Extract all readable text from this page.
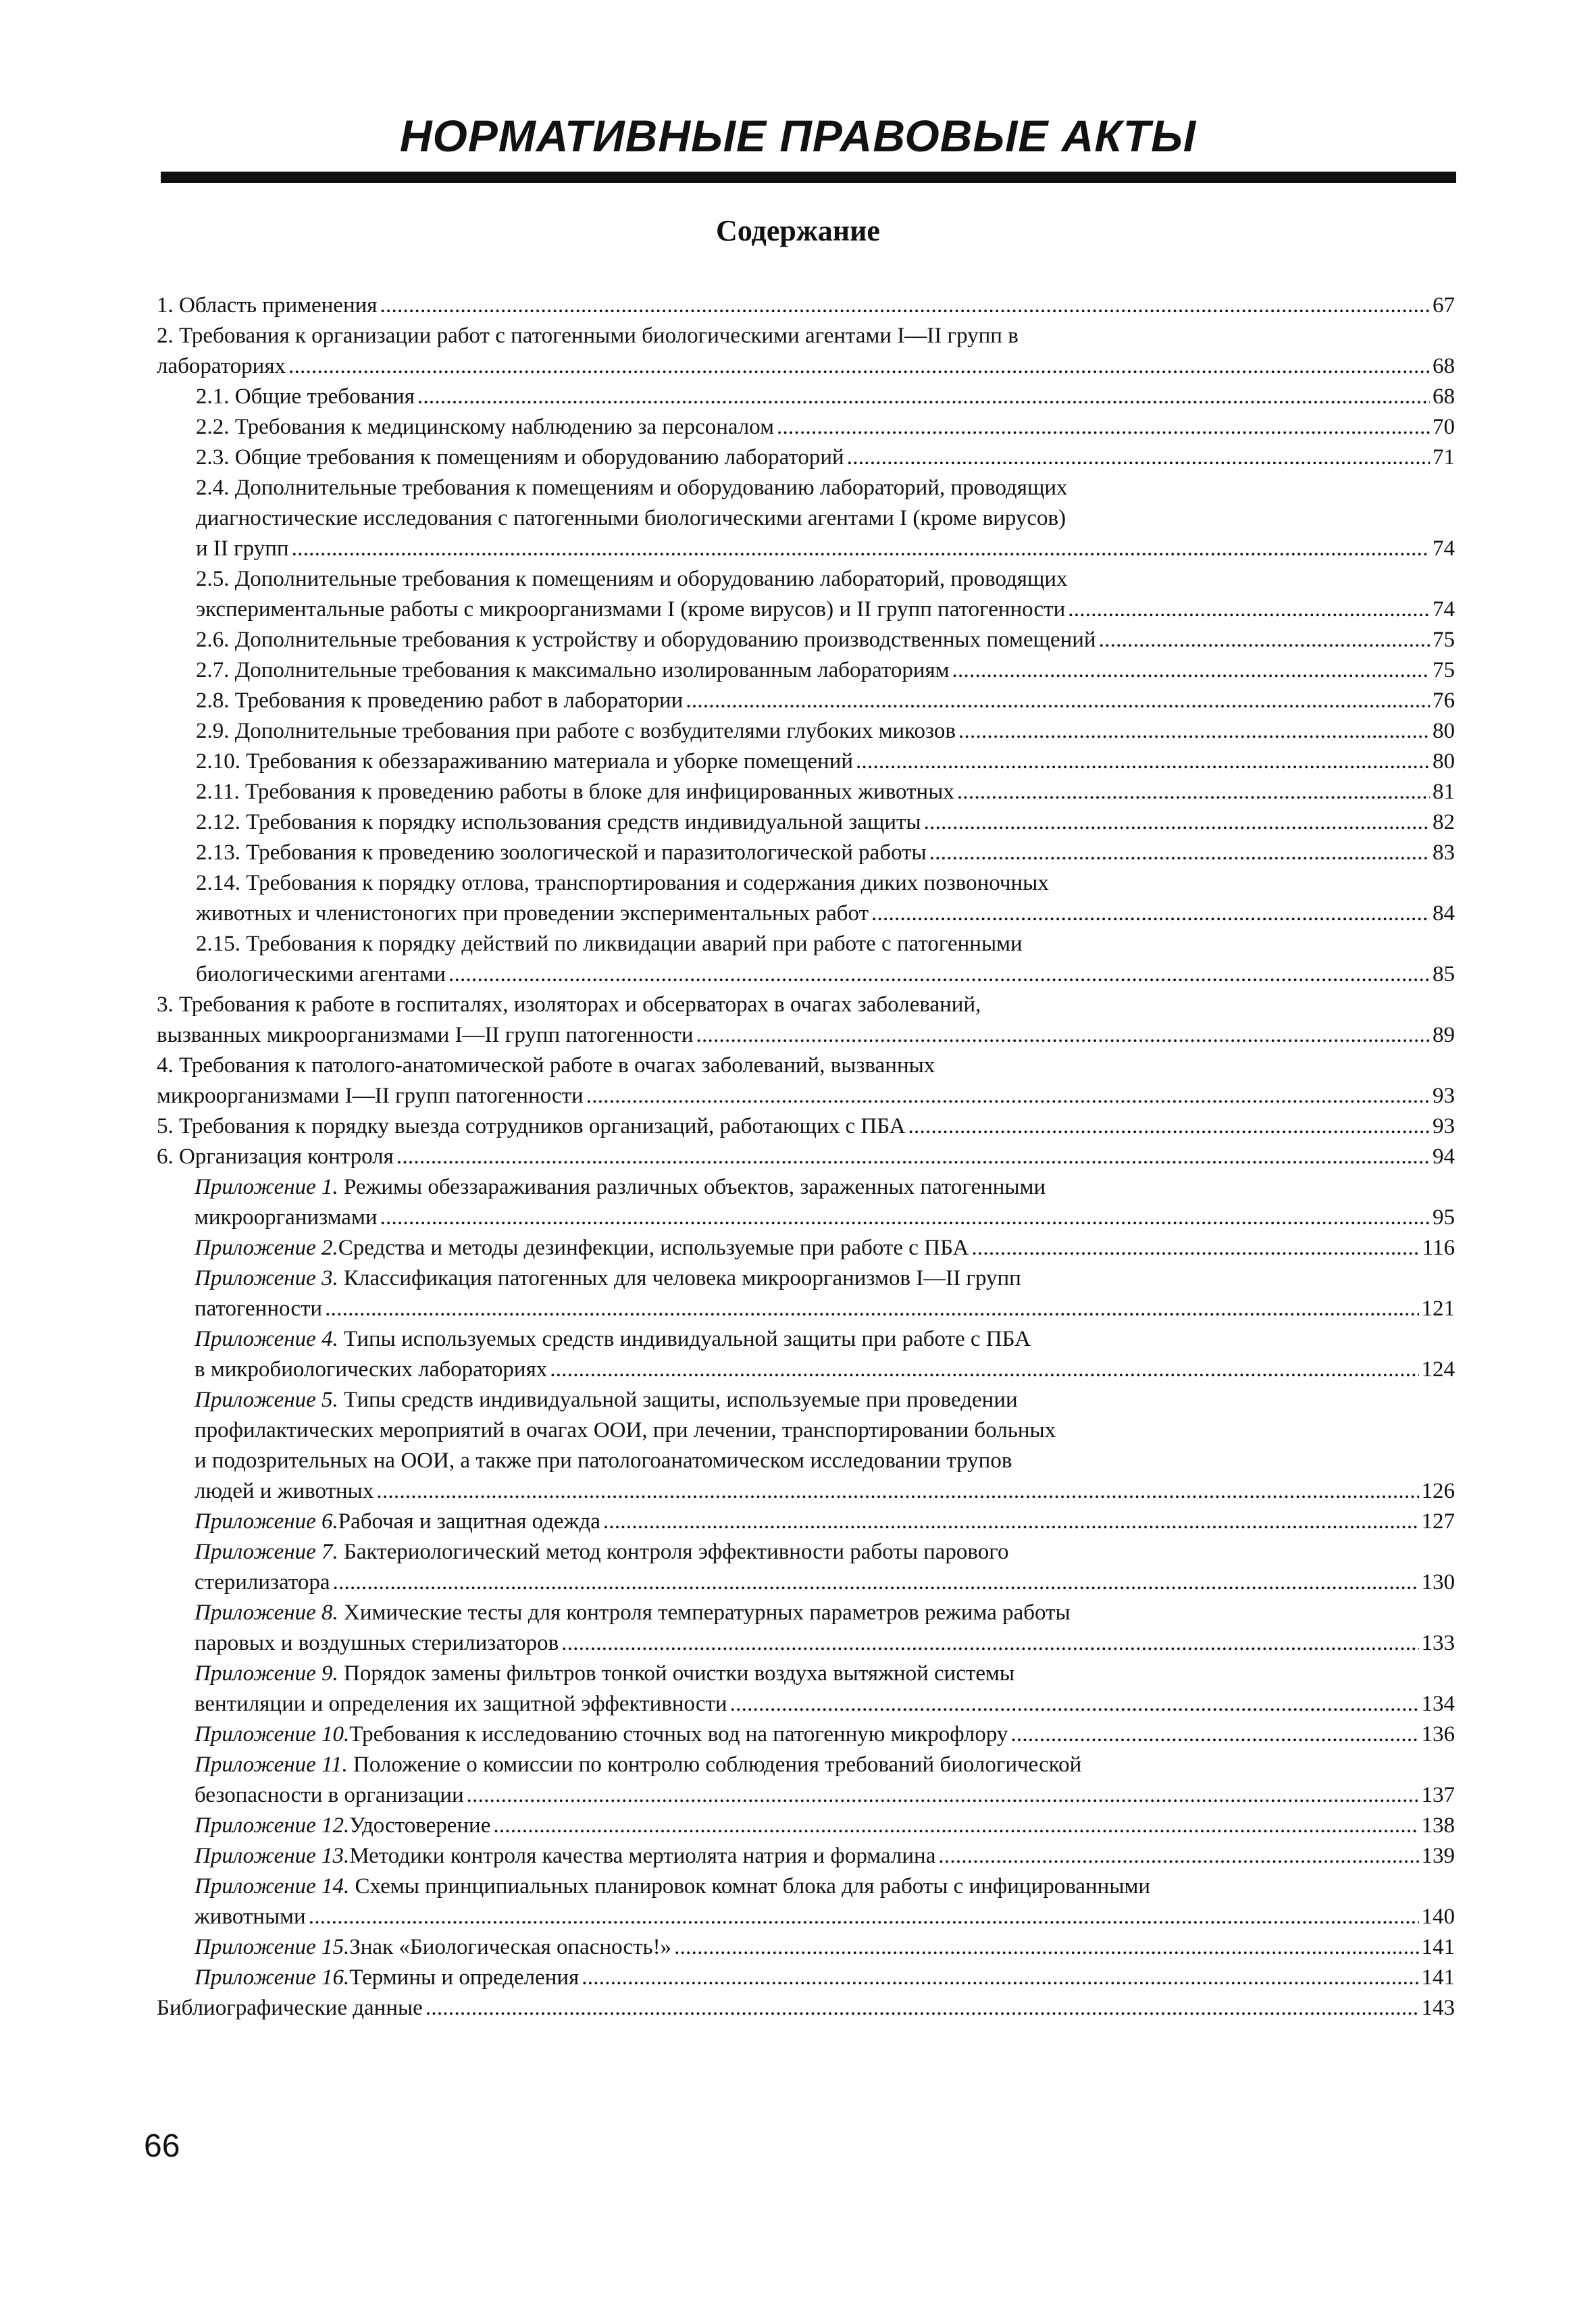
НОРМАТИВНЫЕ ПРАВОВЫЕ АКТЫ
Содержание
1. Область применения . . .	67
2. Требования к организации работ с патогенными биологическими агентами I—II групп в
лабораториях . . .	68
2.1. Общие требования . . .	68
2.2. Требования к медицинскому наблюдению за персоналом . . .	70
2.3. Общие требования к помещениям и оборудованию лабораторий . . .	71
2.4. Дополнительные требования к помещениям и оборудованию лабораторий, проводящих
диагностические исследования с патогенными биологическими агентами I (кроме вирусов)
и II групп . . .	74
2.5. Дополнительные требования к помещениям и оборудованию лабораторий, проводящих
экспериментальные работы с микроорганизмами I (кроме вирусов) и II групп патогенности . . .	74
2.6. Дополнительные требования к устройству и оборудованию производственных помещений . . .	75
2.7. Дополнительные требования к максимально изолированным лабораториям . . .	75
2.8. Требования к проведению работ в лаборатории . . .	76
2.9. Дополнительные требования при работе с возбудителями глубоких микозов . . .	80
2.10. Требования к обеззараживанию материала и уборке помещений . . .	80
2.11. Требования к проведению работы в блоке для инфицированных животных . . .	81
2.12. Требования к порядку использования средств индивидуальной защиты . . .	82
2.13. Требования к проведению зоологической и паразитологической работы . . .	83
2.14. Требования к порядку отлова, транспортирования и содержания диких позвоночных
животных и членистоногих при проведении экспериментальных работ . . .	84
2.15. Требования к порядку действий по ликвидации аварий при работе с патогенными
биологическими агентами . . .	85
3. Требования к работе в госпиталях, изоляторах и обсерваторах в очагах заболеваний,
вызванных микроорганизмами I—II групп патогенности . . .	89
4. Требования к патолого-анатомической работе в очагах заболеваний, вызванных
микроорганизмами I—II групп патогенности . . .	93
5. Требования к порядку выезда сотрудников организаций, работающих с ПБА . . .	93
6. Организация контроля . . .	94
Приложение 1. Режимы обеззараживания различных объектов, зараженных патогенными
микроорганизмами . . .	95
Приложение 2. Средства и методы дезинфекции, используемые при работе с ПБА . . .	116
Приложение 3. Классификация патогенных для человека микроорганизмов I—II групп
патогенности . . .	121
Приложение 4. Типы используемых средств индивидуальной защиты при работе с ПБА
в микробиологических лабораториях . . .	124
Приложение 5. Типы средств индивидуальной защиты, используемые при проведении
профилактических мероприятий в очагах ООИ, при лечении, транспортировании больных
и подозрительных на ООИ, а также при патологоанатомическом исследовании трупов
людей и животных . . .	126
Приложение 6. Рабочая и защитная одежда . . .	127
Приложение 7. Бактериологический метод контроля эффективности работы парового
стерилизатора . . .	130
Приложение 8. Химические тесты для контроля температурных параметров режима работы
паровых и воздушных стерилизаторов . . .	133
Приложение 9. Порядок замены фильтров тонкой очистки воздуха вытяжной системы
вентиляции и определения их защитной эффективности . . .	134
Приложение 10. Требования к исследованию сточных вод на патогенную микрофлору . . .	136
Приложение 11. Положение о комиссии по контролю соблюдения требований биологической
безопасности в организации . . .	137
Приложение 12. Удостоверение . . .	138
Приложение 13. Методики контроля качества мертиолята натрия и формалина . . .	139
Приложение 14. Схемы принципиальных планировок комнат блока для работы с инфицированными
животными . . .	140
Приложение 15. Знак «Биологическая опасность!» . . .	141
Приложение 16. Термины и определения . . .	141
Библиографические данные . . .	143
66
